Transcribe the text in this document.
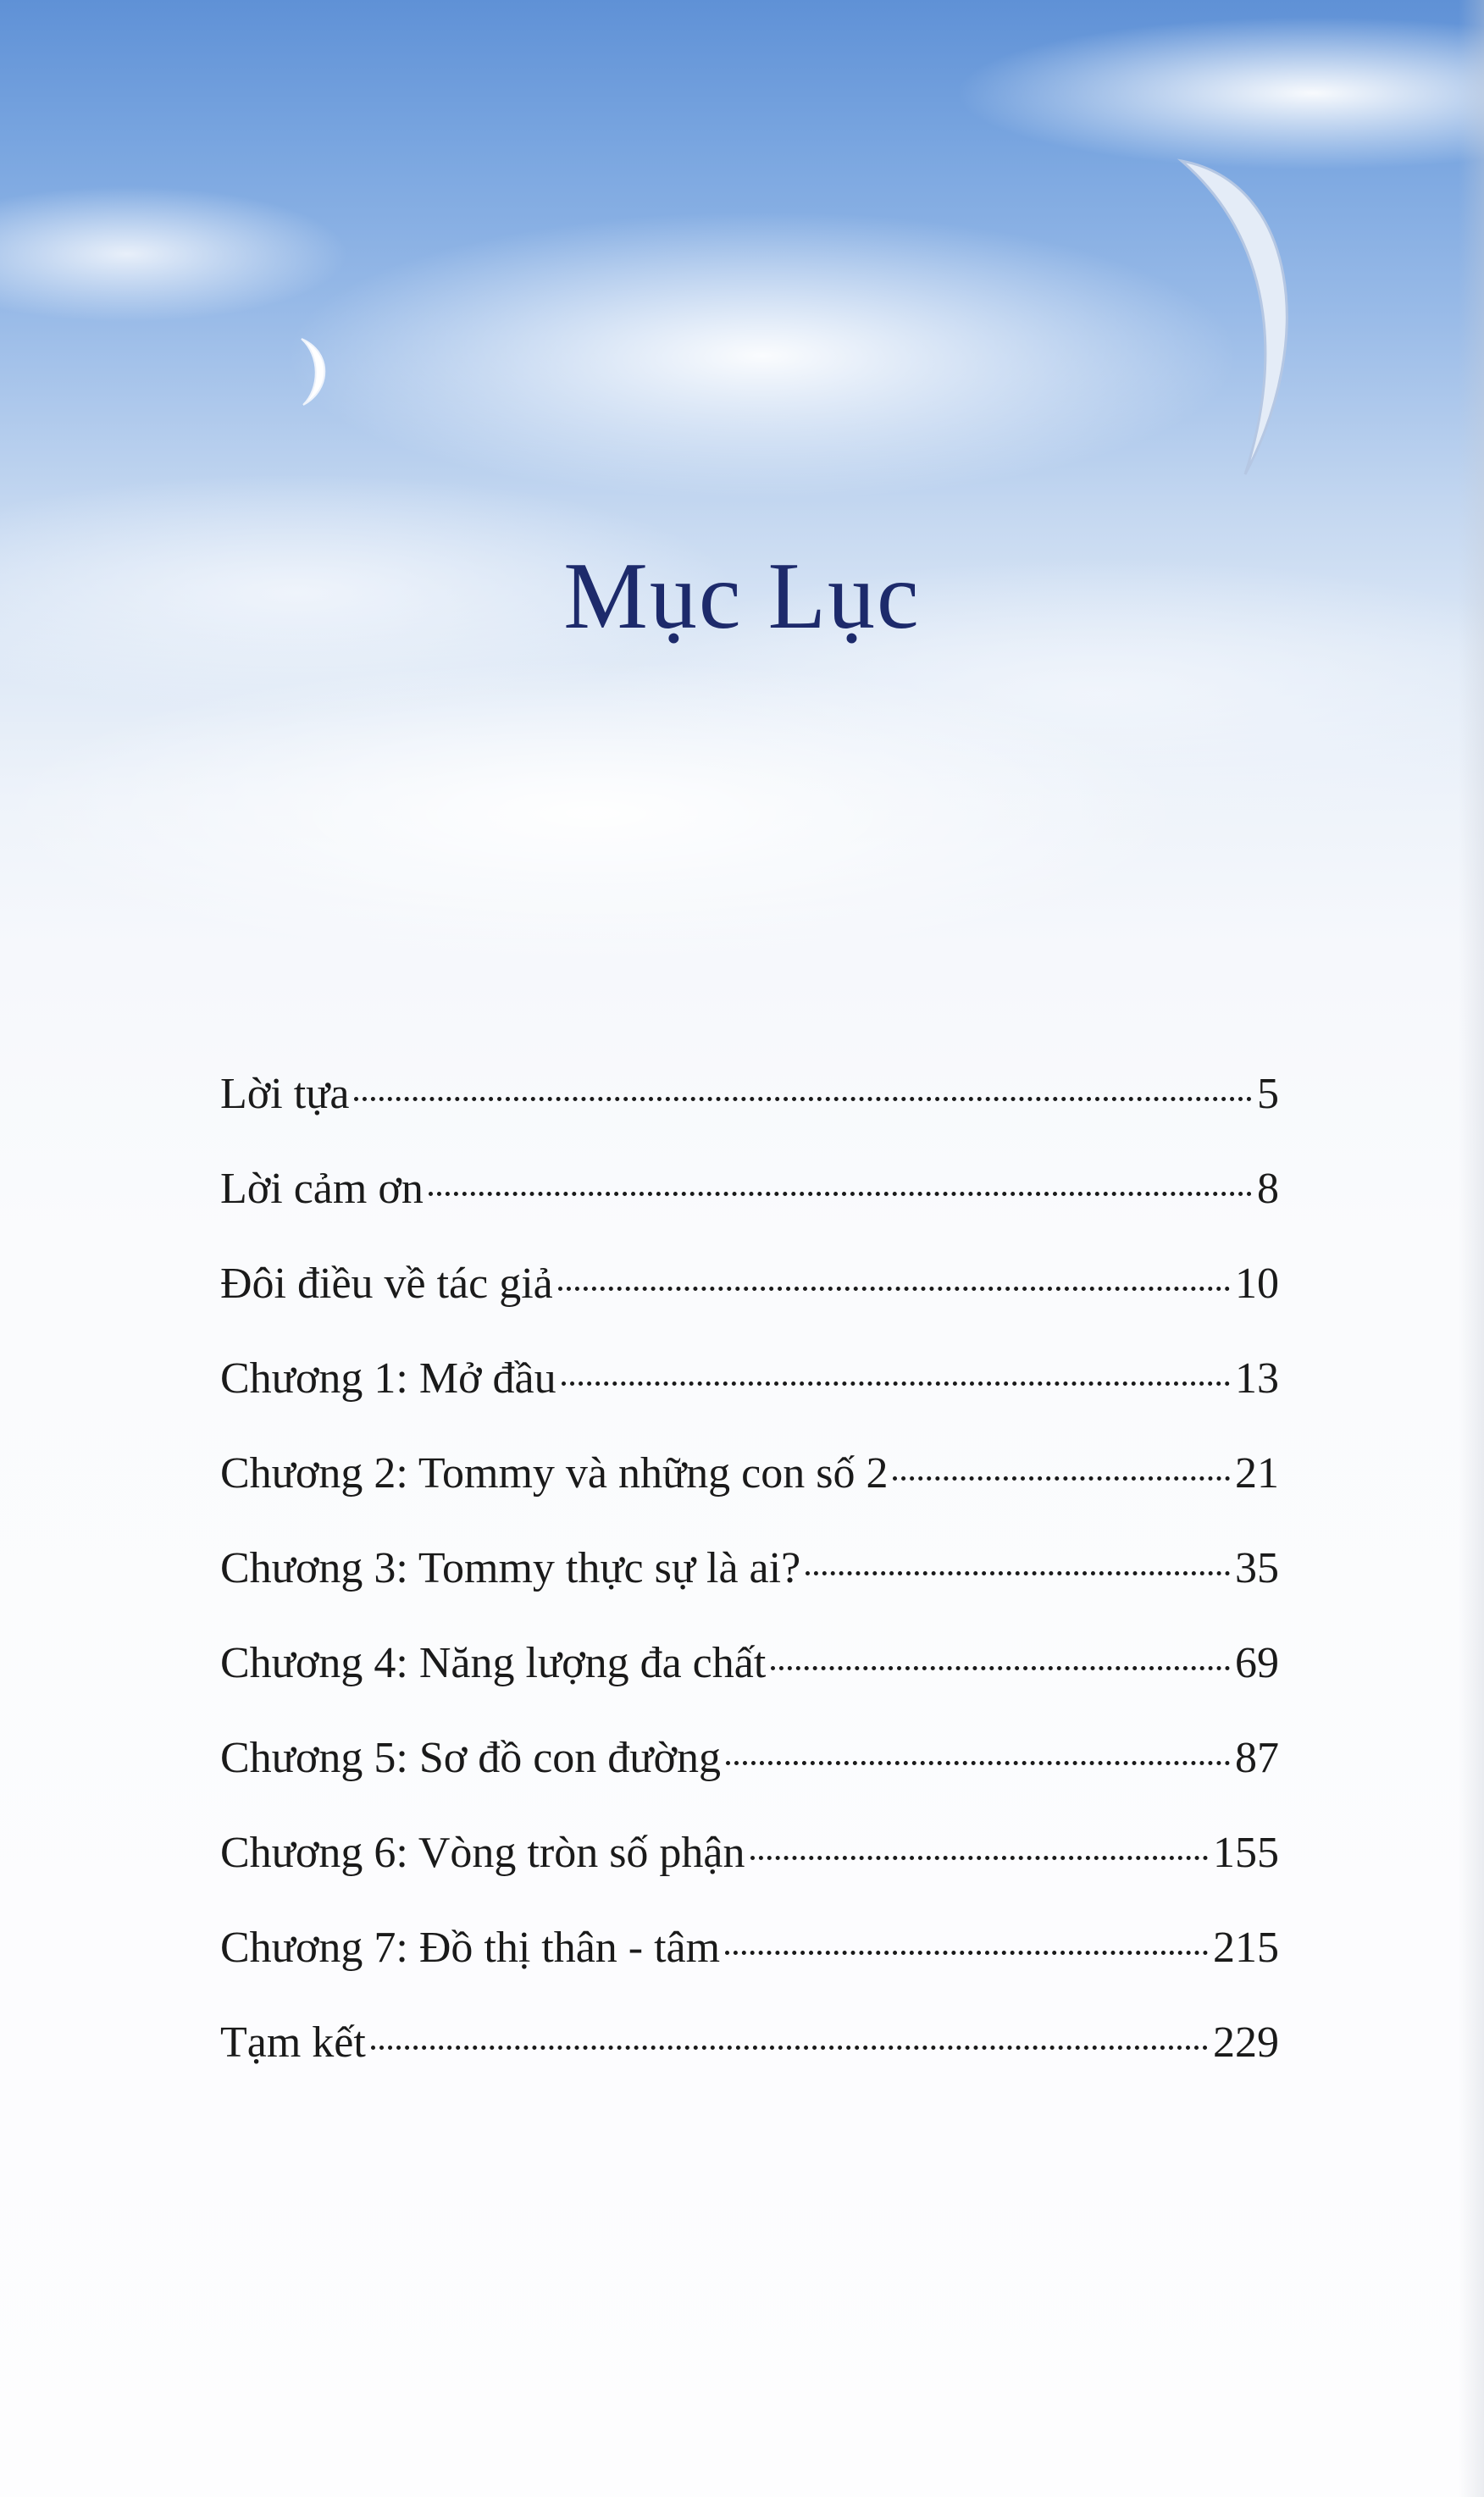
Mục Lục
Lời tựa	5
Lời cảm ơn	8
Đôi điều về tác giả	10
Chương 1: Mở đầu	13
Chương 2: Tommy và những con số 2	21
Chương 3: Tommy thực sự là ai?	35
Chương 4: Năng lượng đa chất	69
Chương 5: Sơ đồ con đường	87
Chương 6: Vòng tròn số phận	155
Chương 7: Đồ thị thân - tâm	215
Tạm kết	229
